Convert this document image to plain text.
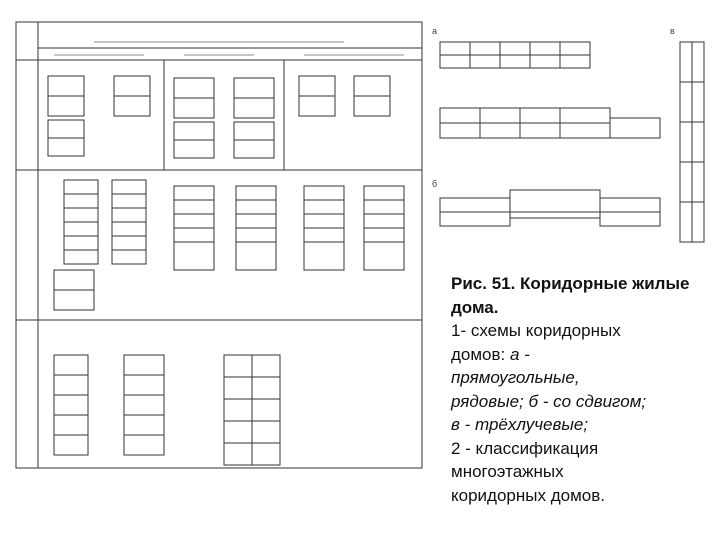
а
б
в
Рис. 51. Коридорные жилые дома.
1- схемы коридорных
домов: а -
прямоугольные,
рядовые; б - со сдвигом;
в - трёхлучевые;
2 - классификация
многоэтажных
коридорных домов.
